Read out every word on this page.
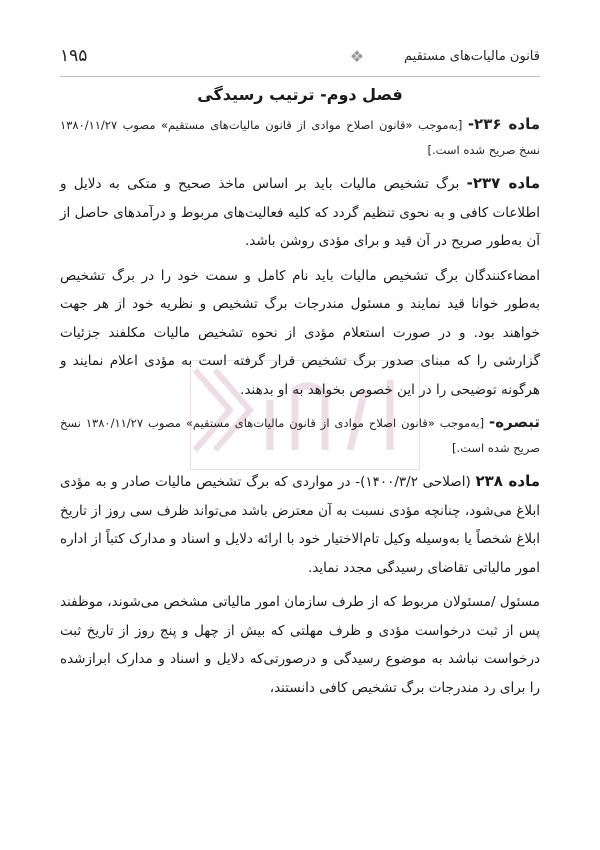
قانون مالیات‌های مستقیم
❖
۱۹۵
فصل دوم- ترتیب رسیدگی

ماده ۲۳۶- [به‌موجب «قانون اصلاح موادی از قانون مالیات‌های مستقیم» مصوب ۱۳۸۰/۱۱/۲۷ نسخ صریح شده است.]

ماده ۲۳۷- برگ تشخیص مالیات باید بر اساس ماخذ صحیح و متکی به دلایل و اطلاعات کافی و به نحوی تنظیم گردد که کلیه فعالیت‌های مربوط و درآمدهای حاصل از آن به‌طور صریح در آن قید و برای مؤدی روشن باشد.

امضاءکنندگان برگ تشخیص مالیات باید نام کامل و سمت خود را در برگ تشخیص به‌طور خوانا قید نمایند و مسئول مندرجات برگ تشخیص و نظریه خود از هر جهت خواهند بود. و در صورت استعلام مؤدی از نحوه تشخیص مالیات مکلفند جزئیات گزارشی را که مبنای صدور برگ تشخیص قرار گرفته است به مؤدی اعلام نمایند و هرگونه توضیحی را در این خصوص بخواهد به او بدهند.

تبصره- [به‌موجب «قانون اصلاح موادی از قانون مالیات‌های مستقیم» مصوب ۱۳۸۰/۱۱/۲۷ نسخ صریح شده است.]

ماده ۲۳۸ (اصلاحی ۱۴۰۰/۳/۲)- در مواردی که برگ تشخیص مالیات صادر و به مؤدی ابلاغ می‌شود، چنانچه مؤدی نسبت به آن معترض باشد می‌تواند ظرف سی روز از تاریخ ابلاغ شخصاً یا به‌وسیله وکیل تام‌الاختیار خود با ارائه دلایل و اسناد و مدارک کتباً از اداره امور مالیاتی تقاضای رسیدگی مجدد نماید.

مسئول /مسئولان مربوط که از طرف سازمان امور مالیاتی مشخص می‌شوند، موظفند پس از ثبت درخواست مؤدی و ظرف مهلتی که بیش از چهل و پنج روز از تاریخ ثبت درخواست نباشد به موضوع رسیدگی و درصورتی‌که دلایل و اسناد و مدارک ابرازشده را برای رد مندرجات برگ تشخیص کافی دانستند،
